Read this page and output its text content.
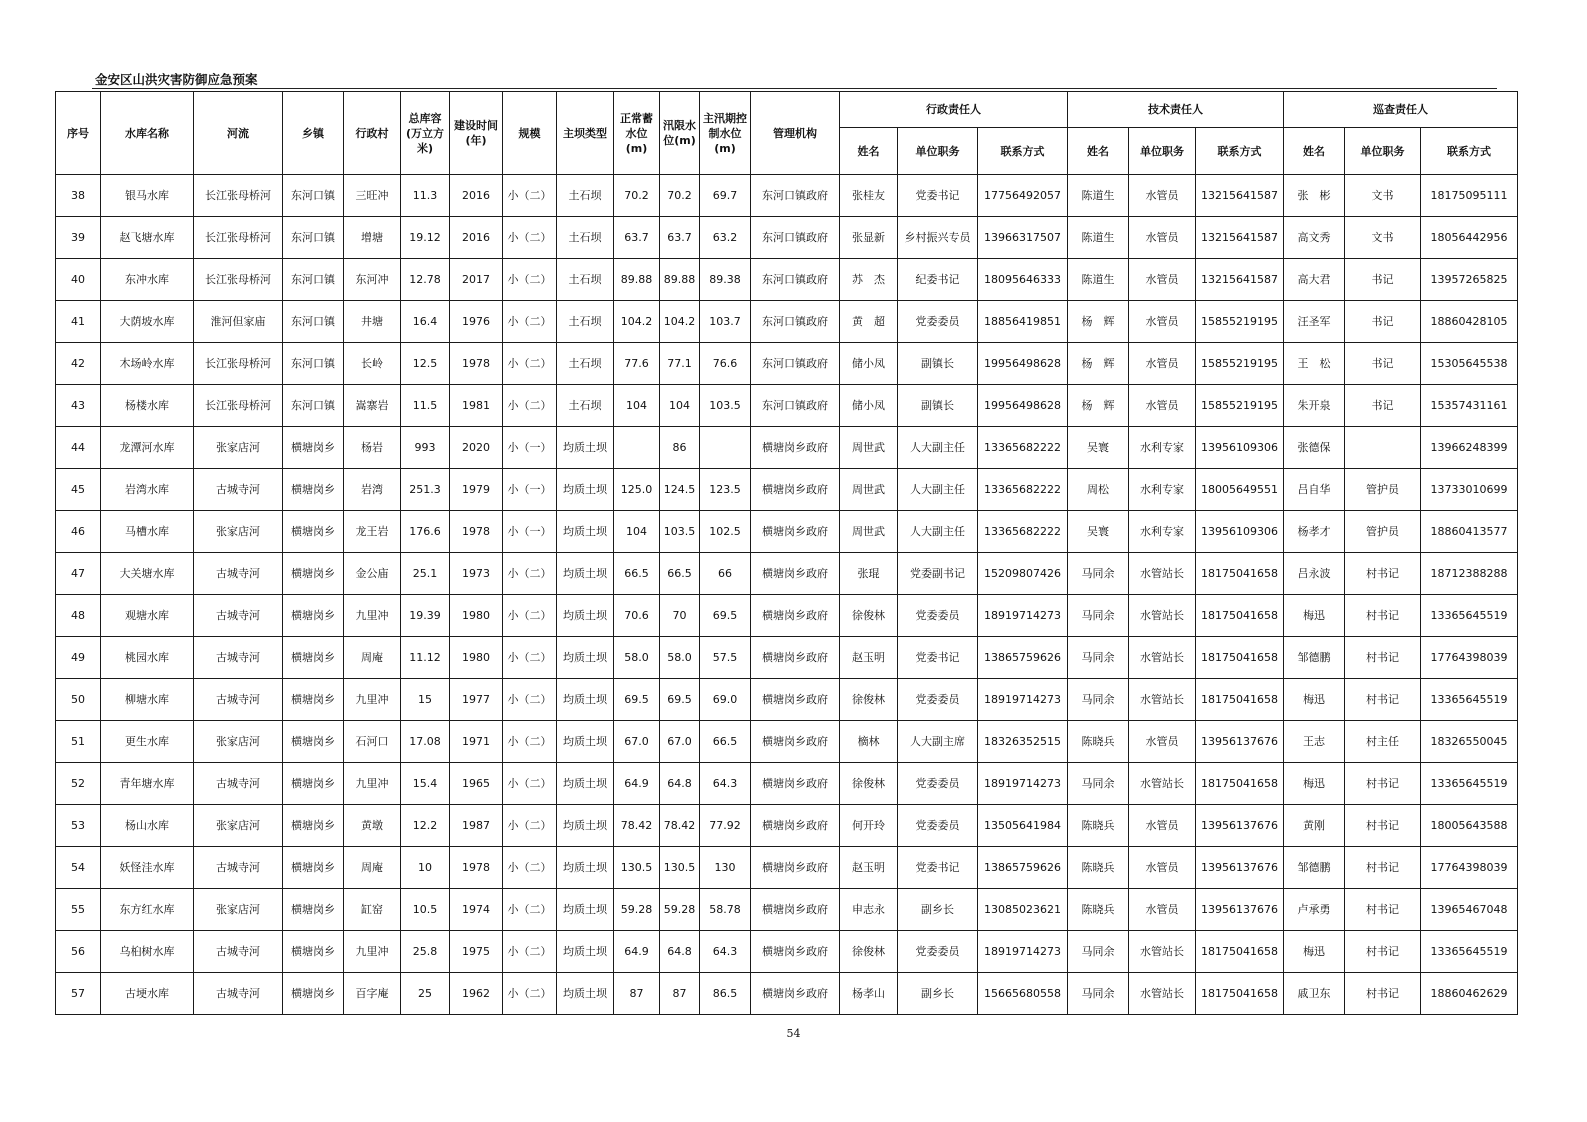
金安区山洪灾害防御应急预案
序号	水库名称	河流	乡镇	行政村	总库容(万立方米)	建设时间(年)	规模	主坝类型	正常蓄水位(m)	汛限水位(m)	主汛期控制水位(m)	管理机构	行政责任人			技术责任人			巡查责任人		
													姓名	单位职务	联系方式	姓名	单位职务	联系方式	姓名	单位职务	联系方式
38	银马水库	长江张母桥河	东河口镇	三旺冲	11.3	2016	小（二）	土石坝	70.2	70.2	69.7	东河口镇政府	张桂友	党委书记	17756492057	陈道生	水管员	13215641587	张　彬	文书	18175095111
39	赵飞塘水库	长江张母桥河	东河口镇	增塘	19.12	2016	小（二）	土石坝	63.7	63.7	63.2	东河口镇政府	张显新	乡村振兴专员	13966317507	陈道生	水管员	13215641587	高文秀	文书	18056442956
40	东冲水库	长江张母桥河	东河口镇	东河冲	12.78	2017	小（二）	土石坝	89.88	89.88	89.38	东河口镇政府	苏　杰	纪委书记	18095646333	陈道生	水管员	13215641587	高大君	书记	13957265825
41	大荫坡水库	淮河但家庙	东河口镇	井塘	16.4	1976	小（二）	土石坝	104.2	104.2	103.7	东河口镇政府	黄　超	党委委员	18856419851	杨　辉	水管员	15855219195	汪圣军	书记	18860428105
42	木场岭水库	长江张母桥河	东河口镇	长岭	12.5	1978	小（二）	土石坝	77.6	77.1	76.6	东河口镇政府	储小凤	副镇长	19956498628	杨　辉	水管员	15855219195	王　松	书记	15305645538
43	杨楼水库	长江张母桥河	东河口镇	嵩寨岩	11.5	1981	小（二）	土石坝	104	104	103.5	东河口镇政府	储小凤	副镇长	19956498628	杨　辉	水管员	15855219195	朱开泉	书记	15357431161
44	龙潭河水库	张家店河	横塘岗乡	杨岩	993	2020	小（一）	均质土坝		86		横塘岗乡政府	周世武	人大副主任	13365682222	吴寰	水利专家	13956109306	张德保		13966248399
45	岩湾水库	古城寺河	横塘岗乡	岩湾	251.3	1979	小（一）	均质土坝	125.0	124.5	123.5	横塘岗乡政府	周世武	人大副主任	13365682222	周松	水利专家	18005649551	吕自华	管护员	13733010699
46	马槽水库	张家店河	横塘岗乡	龙王岩	176.6	1978	小（一）	均质土坝	104	103.5	102.5	横塘岗乡政府	周世武	人大副主任	13365682222	吴寰	水利专家	13956109306	杨孝才	管护员	18860413577
47	大关塘水库	古城寺河	横塘岗乡	金公庙	25.1	1973	小（二）	均质土坝	66.5	66.5	66	横塘岗乡政府	张琨	党委副书记	15209807426	马同余	水管站长	18175041658	吕永波	村书记	18712388288
48	观塘水库	古城寺河	横塘岗乡	九里冲	19.39	1980	小（二）	均质土坝	70.6	70	69.5	横塘岗乡政府	徐俊林	党委委员	18919714273	马同余	水管站长	18175041658	梅迅	村书记	13365645519
49	桃园水库	古城寺河	横塘岗乡	周庵	11.12	1980	小（二）	均质土坝	58.0	58.0	57.5	横塘岗乡政府	赵玉明	党委书记	13865759626	马同余	水管站长	18175041658	邹德鹏	村书记	17764398039
50	柳塘水库	古城寺河	横塘岗乡	九里冲	15	1977	小（二）	均质土坝	69.5	69.5	69.0	横塘岗乡政府	徐俊林	党委委员	18919714273	马同余	水管站长	18175041658	梅迅	村书记	13365645519
51	更生水库	张家店河	横塘岗乡	石河口	17.08	1971	小（二）	均质土坝	67.0	67.0	66.5	横塘岗乡政府	樀林	人大副主席	18326352515	陈晓兵	水管员	13956137676	王志	村主任	18326550045
52	青年塘水库	古城寺河	横塘岗乡	九里冲	15.4	1965	小（二）	均质土坝	64.9	64.8	64.3	横塘岗乡政府	徐俊林	党委委员	18919714273	马同余	水管站长	18175041658	梅迅	村书记	13365645519
53	杨山水库	张家店河	横塘岗乡	黄墩	12.2	1987	小（二）	均质土坝	78.42	78.42	77.92	横塘岗乡政府	何开玲	党委委员	13505641984	陈晓兵	水管员	13956137676	黄刚	村书记	18005643588
54	妖怪洼水库	古城寺河	横塘岗乡	周庵	10	1978	小（二）	均质土坝	130.5	130.5	130	横塘岗乡政府	赵玉明	党委书记	13865759626	陈晓兵	水管员	13956137676	邹德鹏	村书记	17764398039
55	东方红水库	张家店河	横塘岗乡	缸窑	10.5	1974	小（二）	均质土坝	59.28	59.28	58.78	横塘岗乡政府	申志永	副乡长	13085023621	陈晓兵	水管员	13956137676	卢承勇	村书记	13965467048
56	乌桕树水库	古城寺河	横塘岗乡	九里冲	25.8	1975	小（二）	均质土坝	64.9	64.8	64.3	横塘岗乡政府	徐俊林	党委委员	18919714273	马同余	水管站长	18175041658	梅迅	村书记	13365645519
57	古埂水库	古城寺河	横塘岗乡	百字庵	25	1962	小（二）	均质土坝	87	87	86.5	横塘岗乡政府	杨孝山	副乡长	15665680558	马同余	水管站长	18175041658	戚卫东	村书记	18860462629
54
